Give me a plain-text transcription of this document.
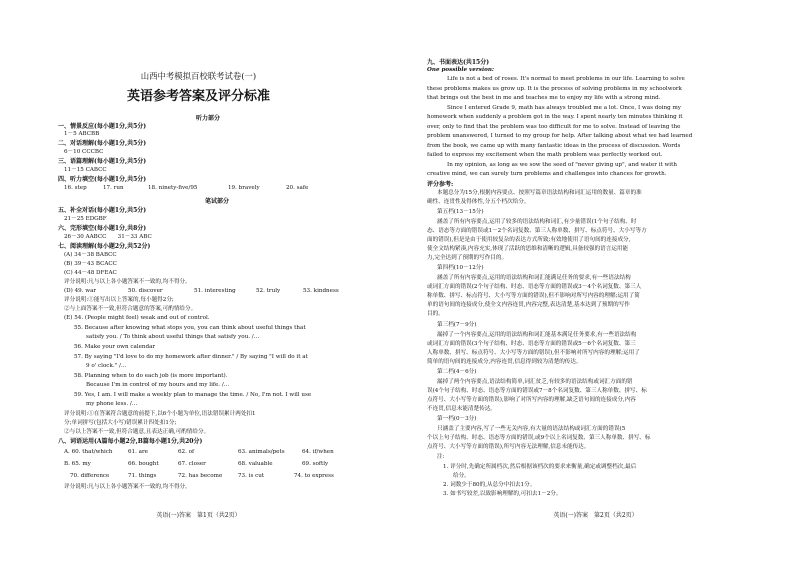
山西中考模拟百校联考试卷(一)
英语参考答案及评分标准
听力部分
一、情景反应(每小题1分,共5分)
1－5 ABCBB
二、对话理解(每小题1分,共5分)
6－10 CCCBC
三、语篇理解(每小题1分,共5分)
11－15 CABCC
四、听力填空(每小题1分,共5分)
16. step	17. run	18. ninety-five/95	19. bravely	20. safe
笔试部分
五、补全对话(每小题1分,共5分)
21－25 EDGBF
六、完形填空(每小题1分,共8分)
26－30 AABCC　　31－33 ABC
七、阅读理解(每小题2分,共52分)
(A) 34－38 BABCC
(B) 39－43 BCACC
(C) 44－48 DFEAC
评分说明:凡与以上各小题答案不一致的,均不得分。
(D) 49. war	50. discover	51. interesting	52. truly	53. kindness
评分说明:①能写出以上答案的,每小题得2分;
②与上面答案不一致,但符合题意的答案,可酌情给分。
(E) 54. (People might feel) weak and out of control.
55. Because after knowing what stops you, you can think about useful things that
satisfy you. / To think about useful things that satisfy you. /…
56. Make your own calendar
57. By saying "I'd love to do my homework after dinner." / By saying "I will do it at
9 o' clock." /…
58. Planning when to do each job (is more important).
Because I'm in control of my hours and my life. /…
59. Yes, I am. I will make a weekly plan to manage the time. / No, I'm not. I will use
my phone less. /…
评分说明:①在答案符合题意的前提下,以6个小题为单位,语法错误累计两处扣1
分;单词拼写(包括大小写)错误累计四处扣1分;
②与以上答案不一致,但符合题意,且表达正确,可酌情给分。
八、词语运用(A篇每小题2分,B篇每小题1分,共20分)
A. 60. that/which	61. are	62. of	63. animals/pets	64. if/when
B. 65. my	66. bought	67. closer	68. valuable	69. softly
70. difference	71. things	72. has become	73. is cut	74. to express
评分说明:凡与以上各小题答案不一致的,均不得分。
英语(一)答案　第1页（共2页）
九、书面表达(共15分)
One possible version:
Life is not a bed of roses. It's normal to meet problems in our life. Learning to solve
these problems makes us grow up. It is the process of solving problems in my schoolwork
that brings out the best in me and teaches me to enjoy my life with a strong mind.
Since I entered Grade 9, math has always troubled me a lot. Once, I was doing my
homework when suddenly a problem got in the way. I spent nearly ten minutes thinking it
over, only to find that the problem was too difficult for me to solve. Instead of leaving the
problem unanswered, I turned to my group for help. After talking about what we had learned
from the book, we came up with many fantastic ideas in the process of discussion. Words
failed to express my excitement when the math problem was perfectly worked out.
In my opinion, as long as we sow the seed of "never giving up", and water it with
creative mind, we can surely turn problems and challenges into chances for growth.
评分参考:
本题总分为15分,根据内容要点、按照写篇章语法结构和词汇运用的数量、篇章的准
确性、连贯性及得体性,分五个档次给分。
第五档(13－15分)
涵盖了所有内容要点,运用了较多的语法结构和词汇,有少量错误(1个句子结构、时
态、语态等方面的错误或1－2个名词复数、第三人称单数、拼写、标点符号、大小写等方
面的错误),但是是由于使用较复杂的表达方式所致;有效地使用了语句间的连接成分,
使全文结构紧凑,内容充实,体现了活跃的思维和清晰的逻辑,具备较强的语言运用能
力,完全达到了预期的写作目的。
第四档(10－12分)
涵盖了所有内容要点,运用的语法结构和词汇能满足任务的要求,有一些语法结构
或词汇方面的错误(2个句子结构、时态、语态等方面的错误或3－4个名词复数、第三人
称单数、拼写、标点符号、大小写等方面的错误),但不影响对所写内容的理解;运用了简
单的语句间的连接成分,使全文内容连贯,内容完整,表达清楚,基本达到了预期的写作
目的。
第三档(7－9分)
漏掉了一个内容要点,运用的语法结构和词汇能基本满足任务要求,有一些语法结构
或词汇方面的错误(3个句子结构、时态、语态等方面的错误或5－6个名词复数、第三
人称单数、拼写、标点符号、大小写等方面的错误),但不影响对所写内容的理解;运用了
简单的语句间的连接成分,内容连贯,信息得到较为清楚的传达。
第二档(4－6分)
漏掉了两个内容要点,语法结构简单,词汇贫乏,有较多的语法结构或词汇方面的错
误(4个句子结构、时态、语态等方面的错误或7－8个名词复数、第三人称单数、拼写、标
点符号、大小写等方面的错误),影响了对所写内容的理解,缺乏语句间的连接成分,内容
不连贯,信息未能清楚传达。
第一档(0－3分)
只涵盖了主要内容,写了一些无关内容,有大量的语法结构或词汇方面的错误(5
个以上句子结构、时态、语态等方面的错误,或9个以上名词复数、第三人称单数、拼写、标
点符号、大小写等方面的错误),所写内容无法理解,信息未能传达。
注:
1. 评分时,先确定所属档次,然后根据该档次的要求来衡量,确定或调整档次,最后
给分。
2. 词数少于80的,从总分中扣去1分。
3. 如书写较差,以致影响理解的,可扣去1－2分。
英语(一)答案　第2页（共2页）
